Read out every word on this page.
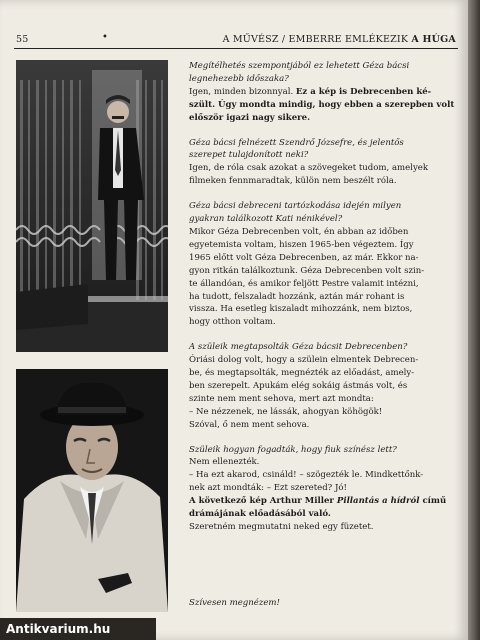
55	•	A MŰVÉSZ / EMBERRE EMLÉKEZIK A HÚGA

Megítélhetés szempontjából ez lehetett Géza bácsi
legnehezebb időszaka?
Igen, minden bizonnyal. Ez a kép is Debrecenben ké-
szült. Úgy mondta mindig, hogy ebben a szerepben volt
először igazi nagy sikere.

Géza bácsi felnézett Szendrő Józsefre, és jelentős
szerepet tulajdonított neki?
Igen, de róla csak azokat a szövegeket tudom, amelyek
filmeken fennmaradtak, külön nem beszélt róla.

Géza bácsi debreceni tartózkodása idején milyen
gyakran találkozott Kati nénikével?
Mikor Géza Debrecenben volt, én abban az időben
egyetemista voltam, hiszen 1965-ben végeztem. Így
1965 előtt volt Géza Debrecenben, az már. Ekkor na-
gyon ritkán találkoztunk. Géza Debrecenben volt szin-
te állandóan, és amikor feljött Pestre valamit intézni,
ha tudott, felszaladt hozzánk, aztán már rohant is
vissza. Ha esetleg kiszaladt mihozzánk, nem biztos,
hogy otthon voltam.

A szüleik megtapsolták Géza bácsit Debrecenben?
Óriási dolog volt, hogy a szülein elmentek Debrecen-
be, és megtapsolták, megnézték az előadást, amely-
ben szerepelt. Apukám elég sokáig ástmás volt, és
szinte nem ment sehova, mert azt mondta:
– Ne nézzenek, ne lássák, ahogyan köhögök!
Szóval, ő nem ment sehova.

Szüleik hogyan fogadták, hogy fiuk színész lett?
Nem ellenezték.
– Ha ezt akarod, csináld! – szögezték le. Mindkettőnk-
nek azt mondták: – Ezt szereted? Jó!
A következő kép Arthur Miller Pillantás a hídról című
drámájának előadásából való.
Szeretném megmutatni neked egy füzetet.

Szívesen megnézem!
Antikvarium.hu
